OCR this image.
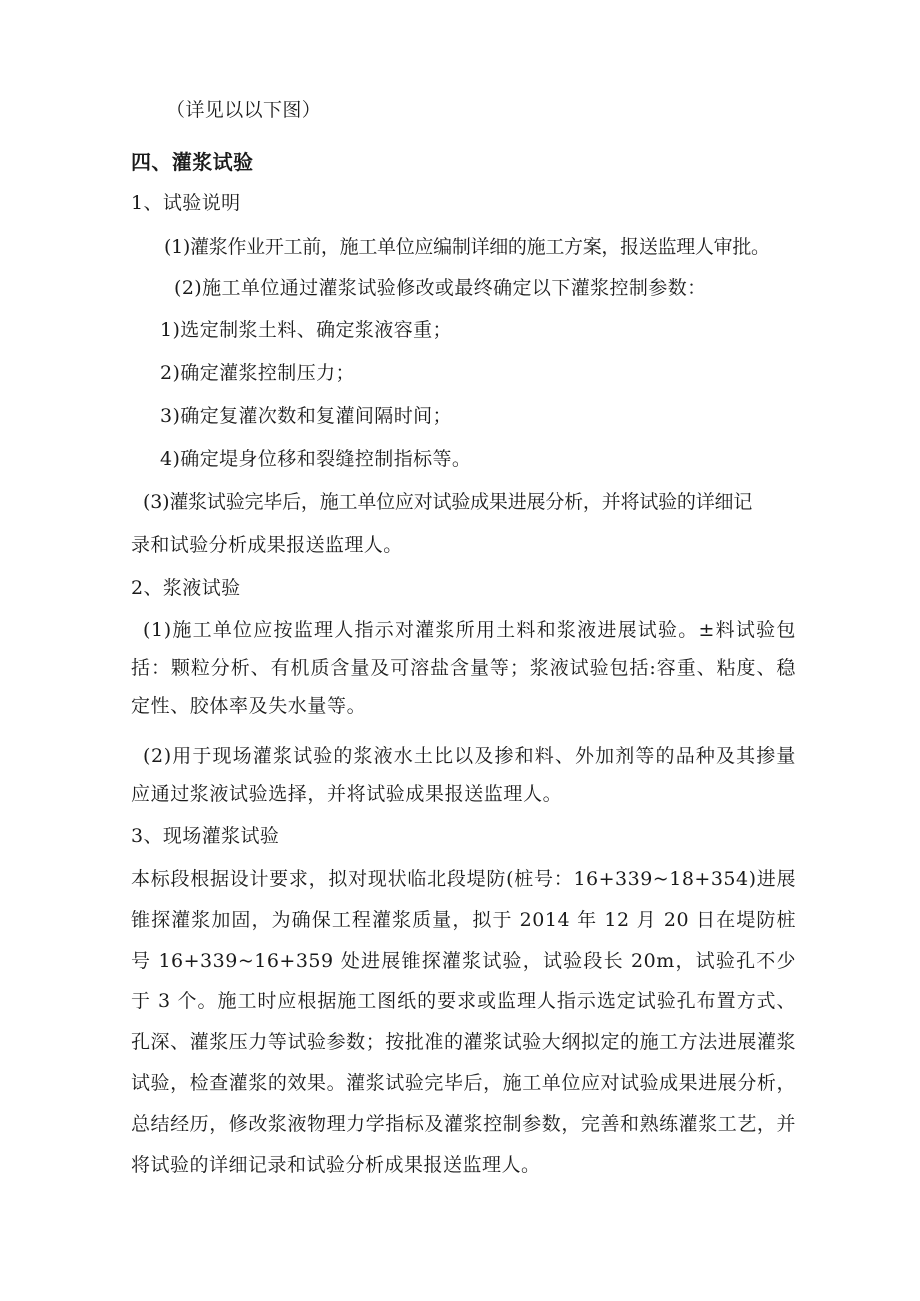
（详见以以下图）
四、灌浆试验
1、试验说明
(1)灌浆作业开工前，施工单位应编制详细的施工方案，报送监理人审批。
(2)施工单位通过灌浆试验修改或最终确定以下灌浆控制参数：
1)选定制浆土料、确定浆液容重；
2)确定灌浆控制压力；
3)确定复灌次数和复灌间隔时间；
4)确定堤身位移和裂缝控制指标等。
(3)灌浆试验完毕后，施工单位应对试验成果进展分析，并将试验的详细记
录和试验分析成果报送监理人。
2、浆液试验
(1)施工单位应按监理人指示对灌浆所用土料和浆液进展试验。±料试验包括：颗粒分析、有机质含量及可溶盐含量等；浆液试验包括:容重、粘度、稳定性、胶体率及失水量等。
(2)用于现场灌浆试验的浆液水土比以及掺和料、外加剂等的品种及其掺量应通过浆液试验选择，并将试验成果报送监理人。
3、现场灌浆试验
本标段根据设计要求，拟对现状临北段堤防(桩号：16+339~18+354)进展锥探灌浆加固，为确保工程灌浆质量，拟于 2014 年 12 月 20 日在堤防桩号 16+339~16+359 处进展锥探灌浆试验，试验段长 20m，试验孔不少于 3 个。施工时应根据施工图纸的要求或监理人指示选定试验孔布置方式、孔深、灌浆压力等试验参数；按批准的灌浆试验大纲拟定的施工方法进展灌浆试验，检查灌浆的效果。灌浆试验完毕后，施工单位应对试验成果进展分析，总结经历，修改浆液物理力学指标及灌浆控制参数，完善和熟练灌浆工艺，并将试验的详细记录和试验分析成果报送监理人。
